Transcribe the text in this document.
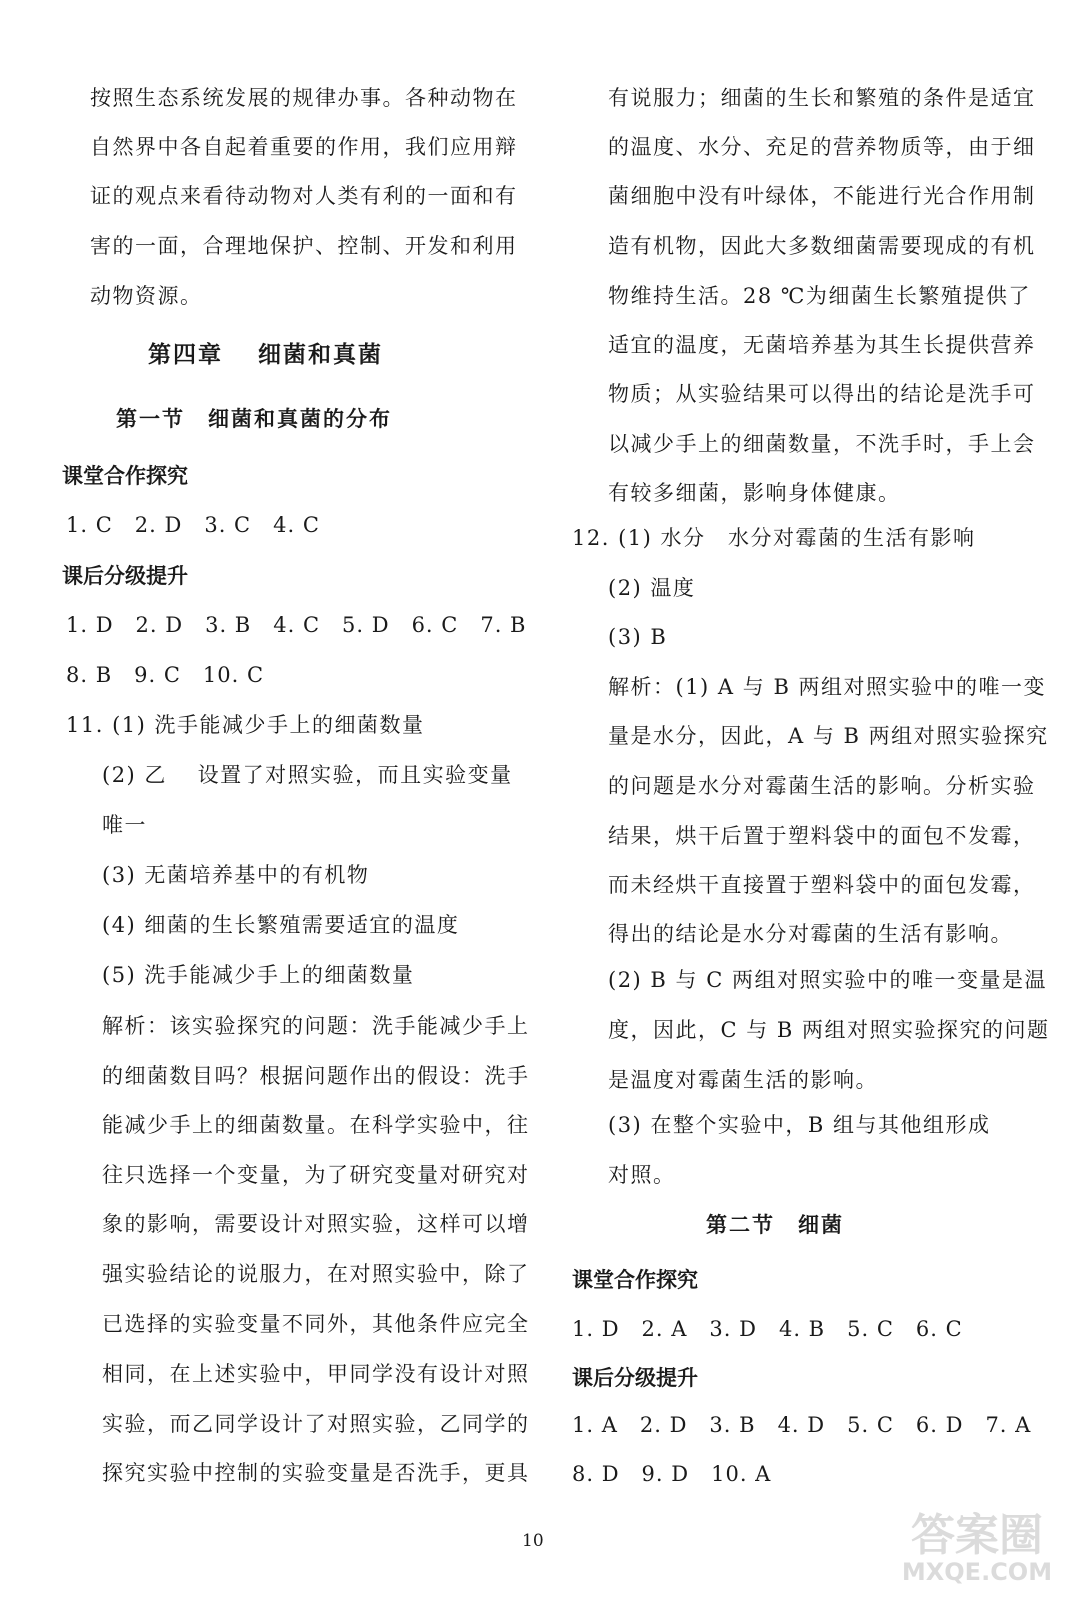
按照生态系统发展的规律办事。各种动物在
自然界中各自起着重要的作用，我们应用辩
证的观点来看待动物对人类有利的一面和有
害的一面，合理地保护、控制、开发和利用
动物资源。
第四章　 细菌和真菌
第一节　细菌和真菌的分布
课堂合作探究
1. C　2. D　3. C　4. C
课后分级提升
1. D　2. D　3. B　4. C　5. D　6. C　7. B
8. B　9. C　10. C
11. (1) 洗手能减少手上的细菌数量
(2) 乙　 设置了对照实验，而且实验变量
唯一
(3) 无菌培养基中的有机物
(4) 细菌的生长繁殖需要适宜的温度
(5) 洗手能减少手上的细菌数量
解析：该实验探究的问题：洗手能减少手上
的细菌数目吗？根据问题作出的假设：洗手
能减少手上的细菌数量。在科学实验中，往
往只选择一个变量，为了研究变量对研究对
象的影响，需要设计对照实验，这样可以增
强实验结论的说服力，在对照实验中，除了
已选择的实验变量不同外，其他条件应完全
相同，在上述实验中，甲同学没有设计对照
实验，而乙同学设计了对照实验，乙同学的
探究实验中控制的实验变量是否洗手，更具
有说服力；细菌的生长和繁殖的条件是适宜
的温度、水分、充足的营养物质等，由于细
菌细胞中没有叶绿体，不能进行光合作用制
造有机物，因此大多数细菌需要现成的有机
物维持生活。28 ℃为细菌生长繁殖提供了
适宜的温度，无菌培养基为其生长提供营养
物质；从实验结果可以得出的结论是洗手可
以减少手上的细菌数量，不洗手时，手上会
有较多细菌，影响身体健康。
12. (1) 水分　水分对霉菌的生活有影响
(2) 温度
(3) B
解析：(1) A 与 B 两组对照实验中的唯一变
量是水分，因此，A 与 B 两组对照实验探究
的问题是水分对霉菌生活的影响。分析实验
结果，烘干后置于塑料袋中的面包不发霉，
而未经烘干直接置于塑料袋中的面包发霉，
得出的结论是水分对霉菌的生活有影响。
(2) B 与 C 两组对照实验中的唯一变量是温
度，因此，C 与 B 两组对照实验探究的问题
是温度对霉菌生活的影响。
(3) 在整个实验中，B 组与其他组形成
对照。
第二节　细菌
课堂合作探究
1. D　2. A　3. D　4. B　5. C　6. C
课后分级提升
1. A　2. D　3. B　4. D　5. C　6. D　7. A
8. D　9. D　10. A
10	答案圈
MXQE.COM
